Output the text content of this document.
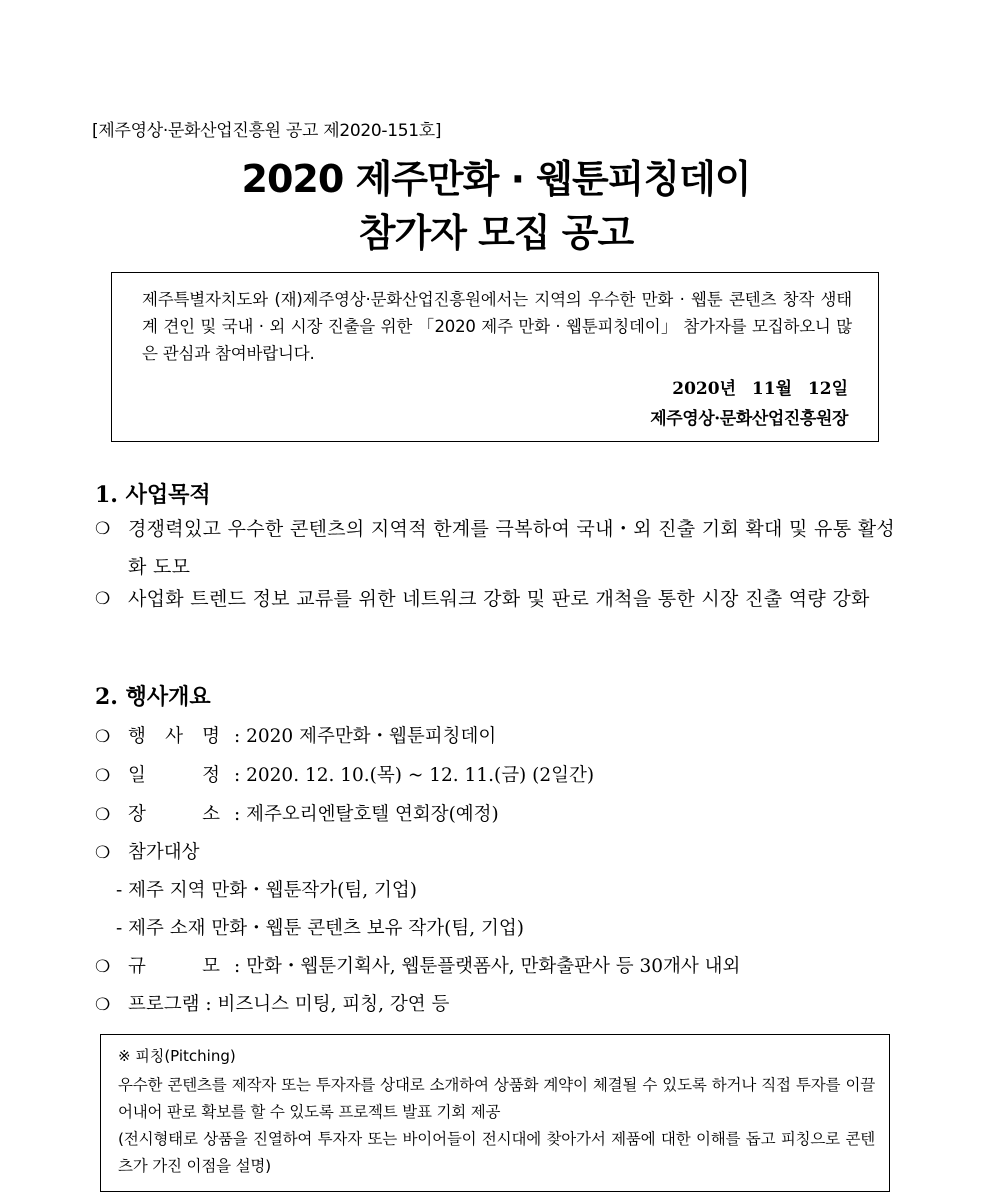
[제주영상·문화산업진흥원 공고 제2020-151호]
2020 제주만화 · 웹툰피칭데이
참가자 모집 공고
제주특별자치도와 (재)제주영상·문화산업진흥원에서는 지역의 우수한 만화 · 웹툰 콘텐츠 창작 생태계 견인 및 국내 · 외 시장 진출을 위한 「2020 제주 만화 · 웹툰피칭데이」 참가자를 모집하오니 많은 관심과 참여바랍니다.
2020년 11월 12일
제주영상·문화산업진흥원장
1. 사업목적
❍ 경쟁력있고 우수한 콘텐츠의 지역적 한계를 극복하여 국내・외 진출 기회 확대 및 유통 활성화 도모
❍ 사업화 트렌드 정보 교류를 위한 네트워크 강화 및 판로 개척을 통한 시장 진출 역량 강화
2. 행사개요
❍ 행 사 명 : 2020 제주만화・웹툰피칭데이
❍ 일	정 : 2020. 12. 10.(목) ~ 12. 11.(금) (2일간)
❍ 장	소 : 제주오리엔탈호텔 연회장(예정)
❍ 참가대상
- 제주 지역 만화・웹툰작가(팀, 기업)
- 제주 소재 만화・웹툰 콘텐츠 보유 작가(팀, 기업)
❍ 규	모 : 만화・웹툰기획사, 웹툰플랫폼사, 만화출판사 등 30개사 내외
❍ 프로그램 : 비즈니스 미팅, 피칭, 강연 등
※ 피칭(Pitching)
우수한 콘텐츠를 제작자 또는 투자자를 상대로 소개하여 상품화 계약이 체결될 수 있도록 하거나 직접 투자를 이끌어내어 판로 확보를 할 수 있도록 프로젝트 발표 기회 제공
(전시형태로 상품을 진열하여 투자자 또는 바이어들이 전시대에 찾아가서 제품에 대한 이해를 돕고 피칭으로 콘텐츠가 가진 이점을 설명)
